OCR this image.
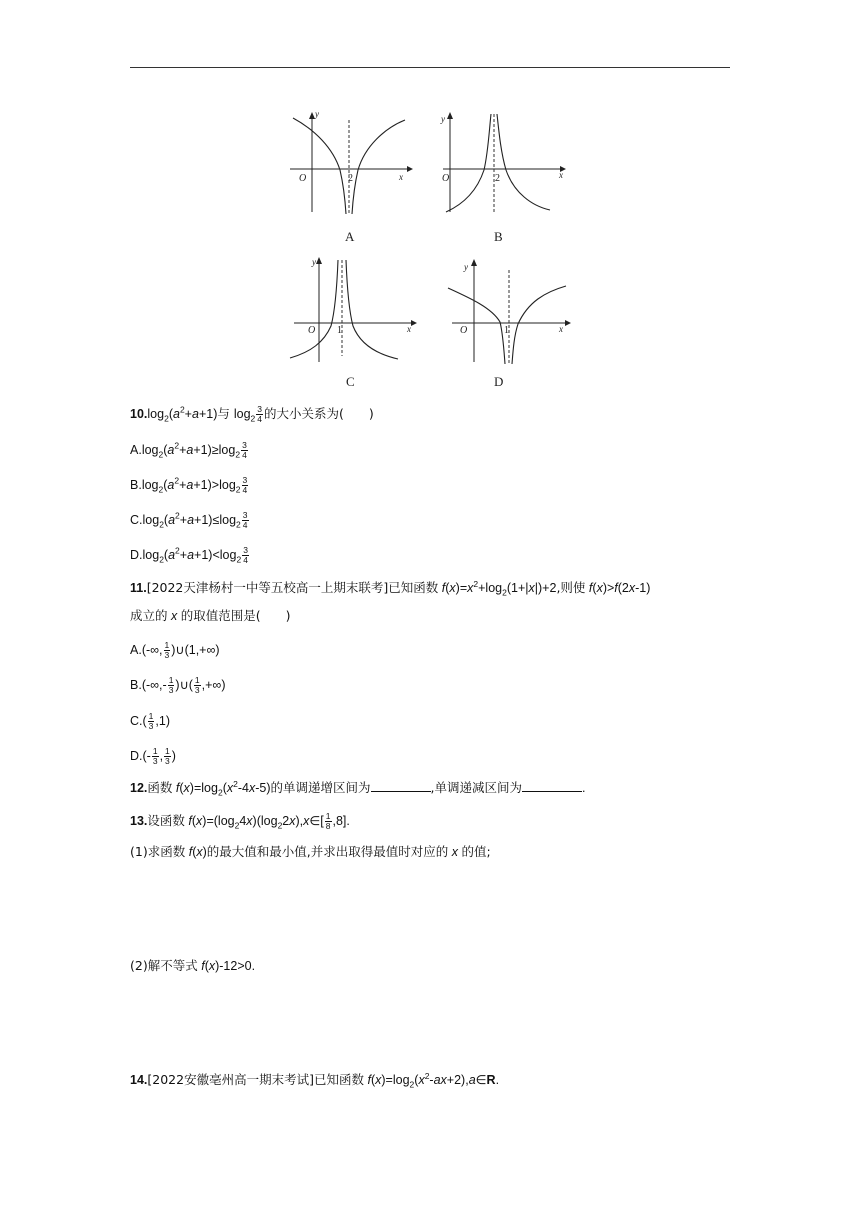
y
O	x
2
A
y
O	x
2
B
y
O	x
1
C
y
O	x
1
D
$10.\log_2(a^2+a+1)$与 $\log_2 \frac{3}{4}$ 的大小关系为(　　)
$A.\log_2(a^2+a+1)\ge\log_2 \frac{3}{4}$
$B.\log_2(a^2+a+1)>\log_2 \frac{3}{4}$
$C.\log_2(a^2+a+1)\le\log_2 \frac{3}{4}$
$D.\log_2(a^2+a+1)<\log_2 \frac{3}{4}$
11.[2022天津杨村一中等五校高一上期末联考]已知函数 $f(x)=x^2+\log_2(1+|x|)+2$,则使 f(x)>f(2x-1)
成立的 x 的取值范围是(　　)
A.(-∞, $\frac{1}{3}$ )∪(1,+∞)
$B.(-\infty,- \frac{1}{3}$ )∪( $\frac{1}{3}$ ,+∞)
$C.( \frac{1}{3} ,1)$
$D.(- \frac{1}{3}$ , $\frac{1}{3}$ )
12.函数 $f(x)=\log_2(x^2-4x-5)$的单调递增区间为	,单调递减区间为	.
13.设函数 $f(x)=(\log_24x)(\log_22x),x\in[ \frac{1}{8} ,8]$.
(1)求函数 f(x)的最大值和最小值,并求出取得最值时对应的 x 的值;
(2)解不等式 f(x)-12>0.
14.[2022安徽亳州高一期末考试]已知函数 $f(x)=\log_2(x^2-ax+2),a\in R$.
